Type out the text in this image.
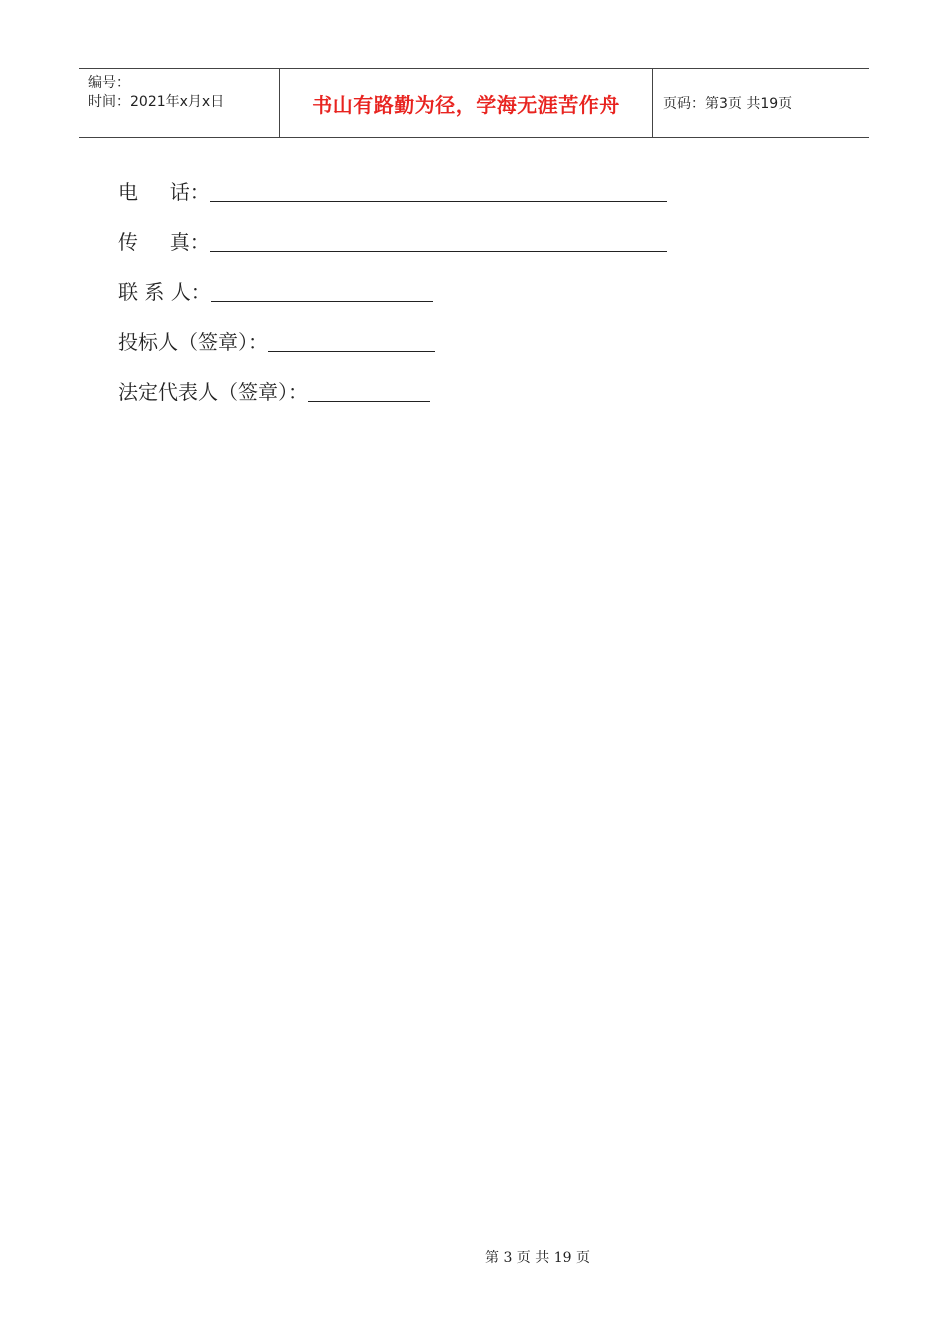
编号：
时间：2021年x月x日	书山有路勤为径，学海无涯苦作舟	页码：第3页 共19页
电     话：
传     真：
联 系 人：
投标人（签章）：
法定代表人（签章）：
第 3 页 共 19 页
